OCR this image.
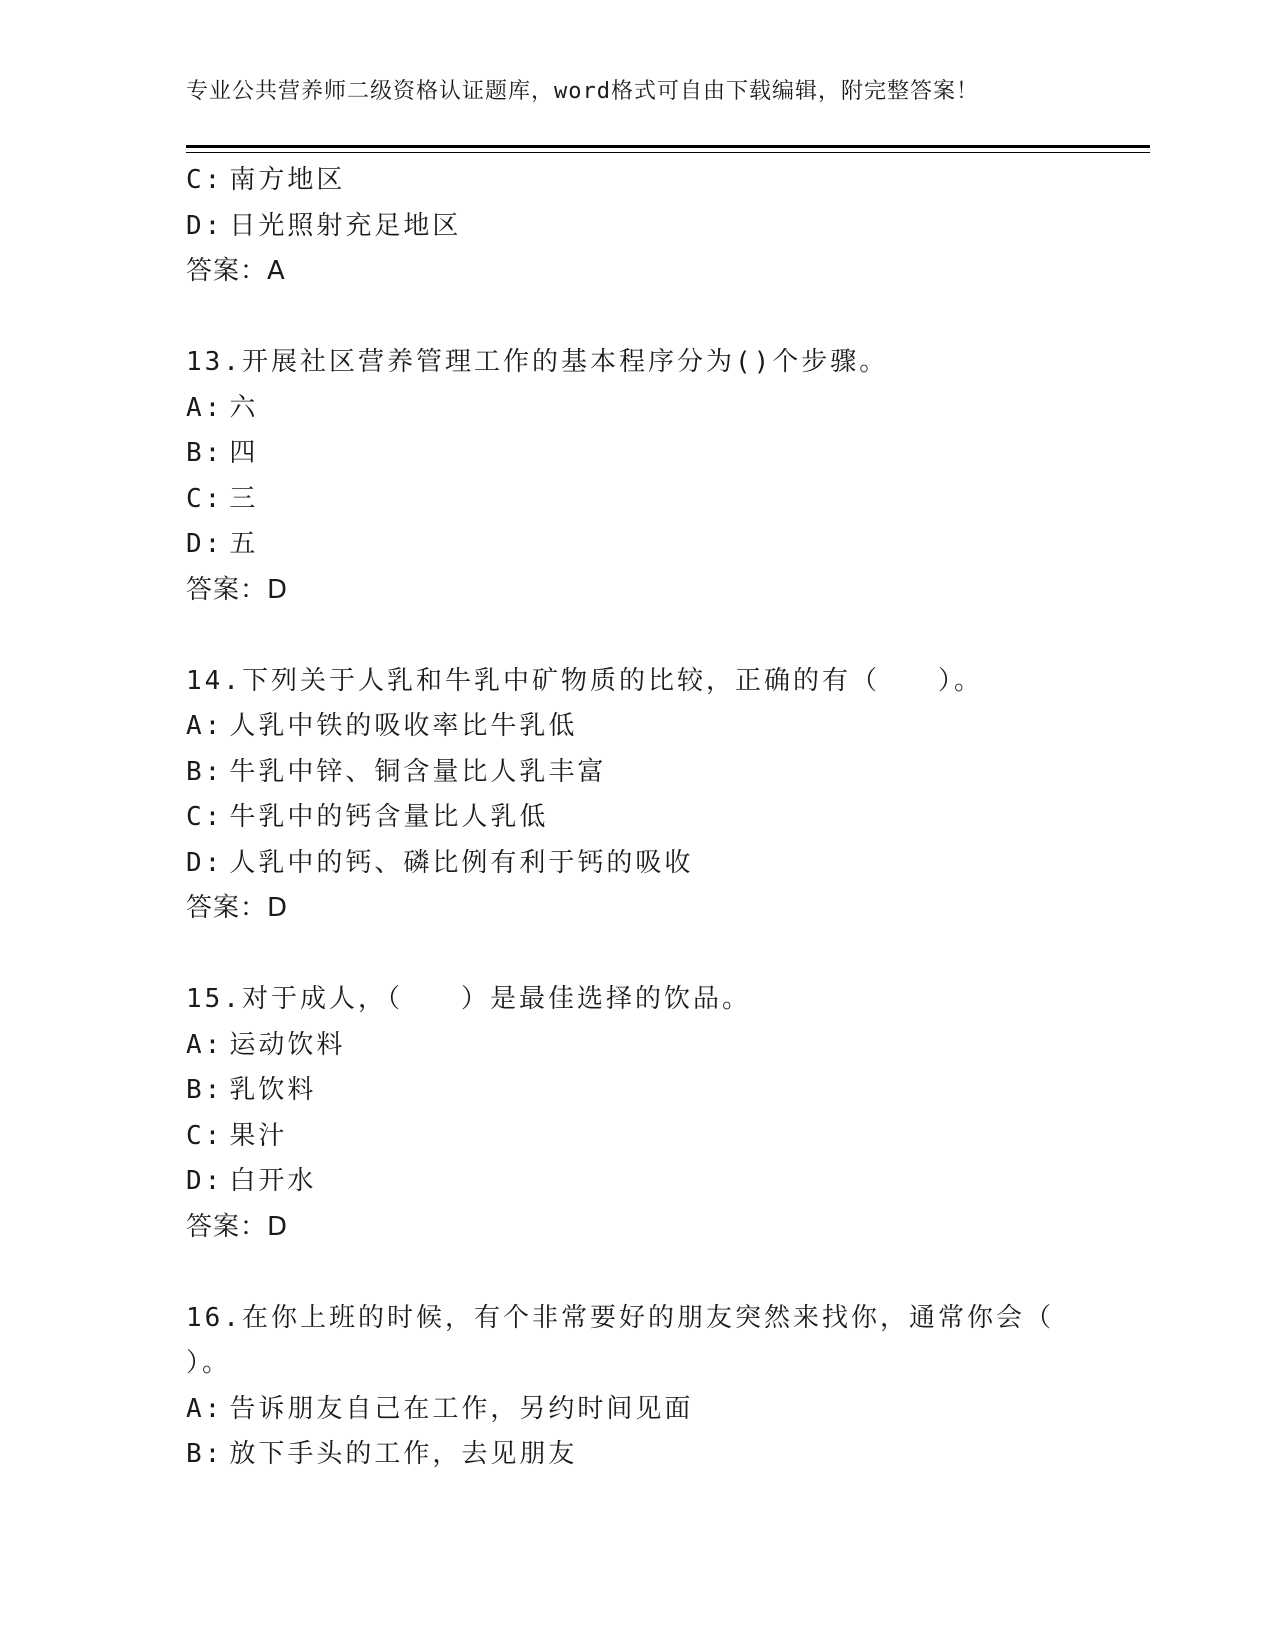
专业公共营养师二级资格认证题库，word格式可自由下载编辑，附完整答案！
C: 南方地区
D: 日光照射充足地区
答案：A
13.开展社区营养管理工作的基本程序分为()个步骤。
A: 六
B: 四
C: 三
D: 五
答案：D
14.下列关于人乳和牛乳中矿物质的比较，正确的有（　　）。
A: 人乳中铁的吸收率比牛乳低
B: 牛乳中锌、铜含量比人乳丰富
C: 牛乳中的钙含量比人乳低
D: 人乳中的钙、磷比例有利于钙的吸收
答案：D
15.对于成人，（　　）是最佳选择的饮品。
A: 运动饮料
B: 乳饮料
C: 果汁
D: 白开水
答案：D
16.在你上班的时候，有个非常要好的朋友突然来找你，通常你会（
）。
A: 告诉朋友自己在工作，另约时间见面
B: 放下手头的工作，去见朋友
